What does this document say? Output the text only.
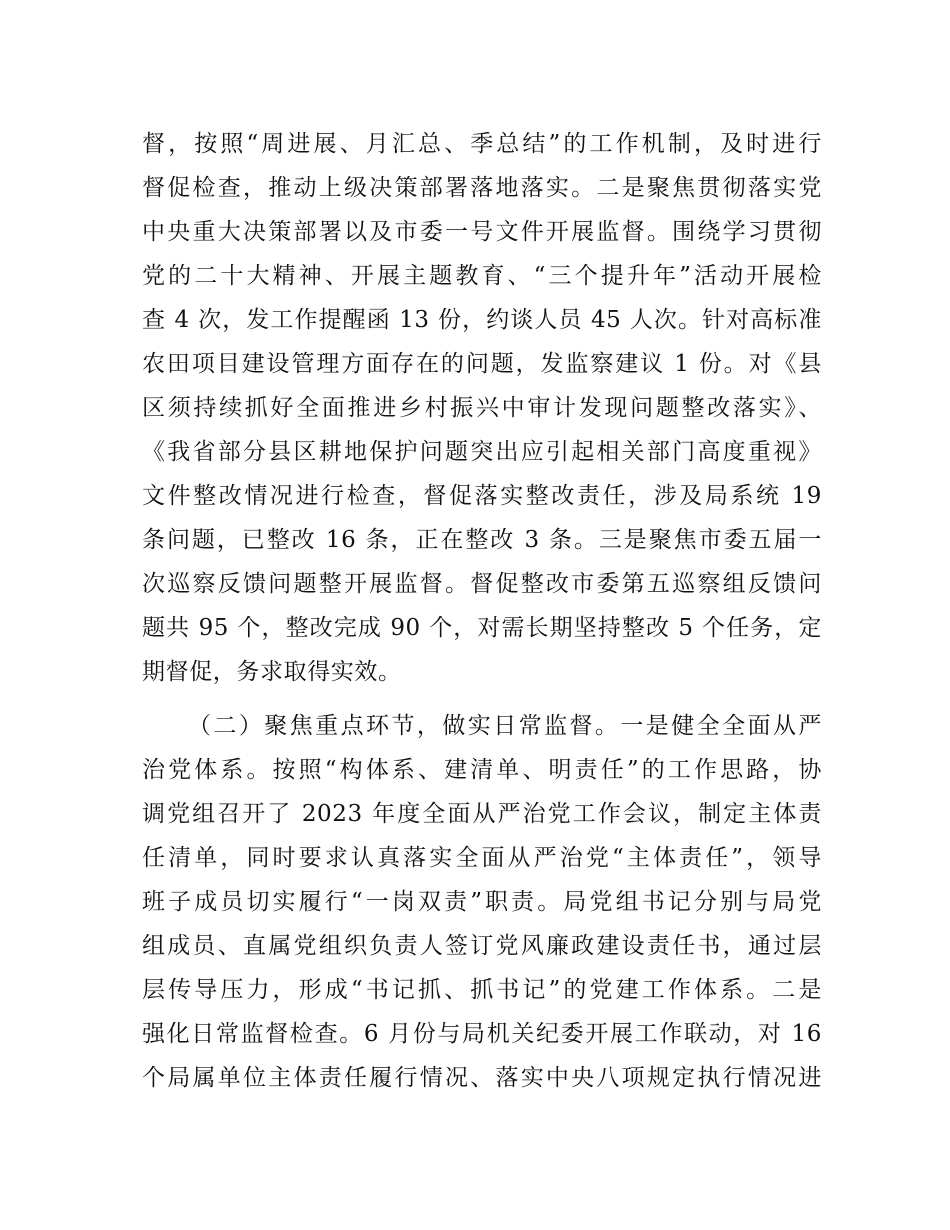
督，按照“周进展、月汇总、季总结”的工作机制，及时进行
督促检查，推动上级决策部署落地落实。二是聚焦贯彻落实党
中央重大决策部署以及市委一号文件开展监督。围绕学习贯彻
党的二十大精神、开展主题教育、“三个提升年”活动开展检
查 4 次，发工作提醒函 13 份，约谈人员 45 人次。针对高标准
农田项目建设管理方面存在的问题，发监察建议 1 份。对《县
区须持续抓好全面推进乡村振兴中审计发现问题整改落实》、
《我省部分县区耕地保护问题突出应引起相关部门高度重视》
文件整改情况进行检查，督促落实整改责任，涉及局系统 19
条问题，已整改 16 条，正在整改 3 条。三是聚焦市委五届一
次巡察反馈问题整开展监督。督促整改市委第五巡察组反馈问
题共 95 个，整改完成 90 个，对需长期坚持整改 5 个任务，定
期督促，务求取得实效。

（二）聚焦重点环节，做实日常监督。一是健全全面从严
治党体系。按照“构体系、建清单、明责任”的工作思路，协
调党组召开了 2023 年度全面从严治党工作会议，制定主体责
任清单，同时要求认真落实全面从严治党“主体责任”，领导
班子成员切实履行“一岗双责”职责。局党组书记分别与局党
组成员、直属党组织负责人签订党风廉政建设责任书，通过层
层传导压力，形成“书记抓、抓书记”的党建工作体系。二是
强化日常监督检查。6 月份与局机关纪委开展工作联动，对 16
个局属单位主体责任履行情况、落实中央八项规定执行情况进
